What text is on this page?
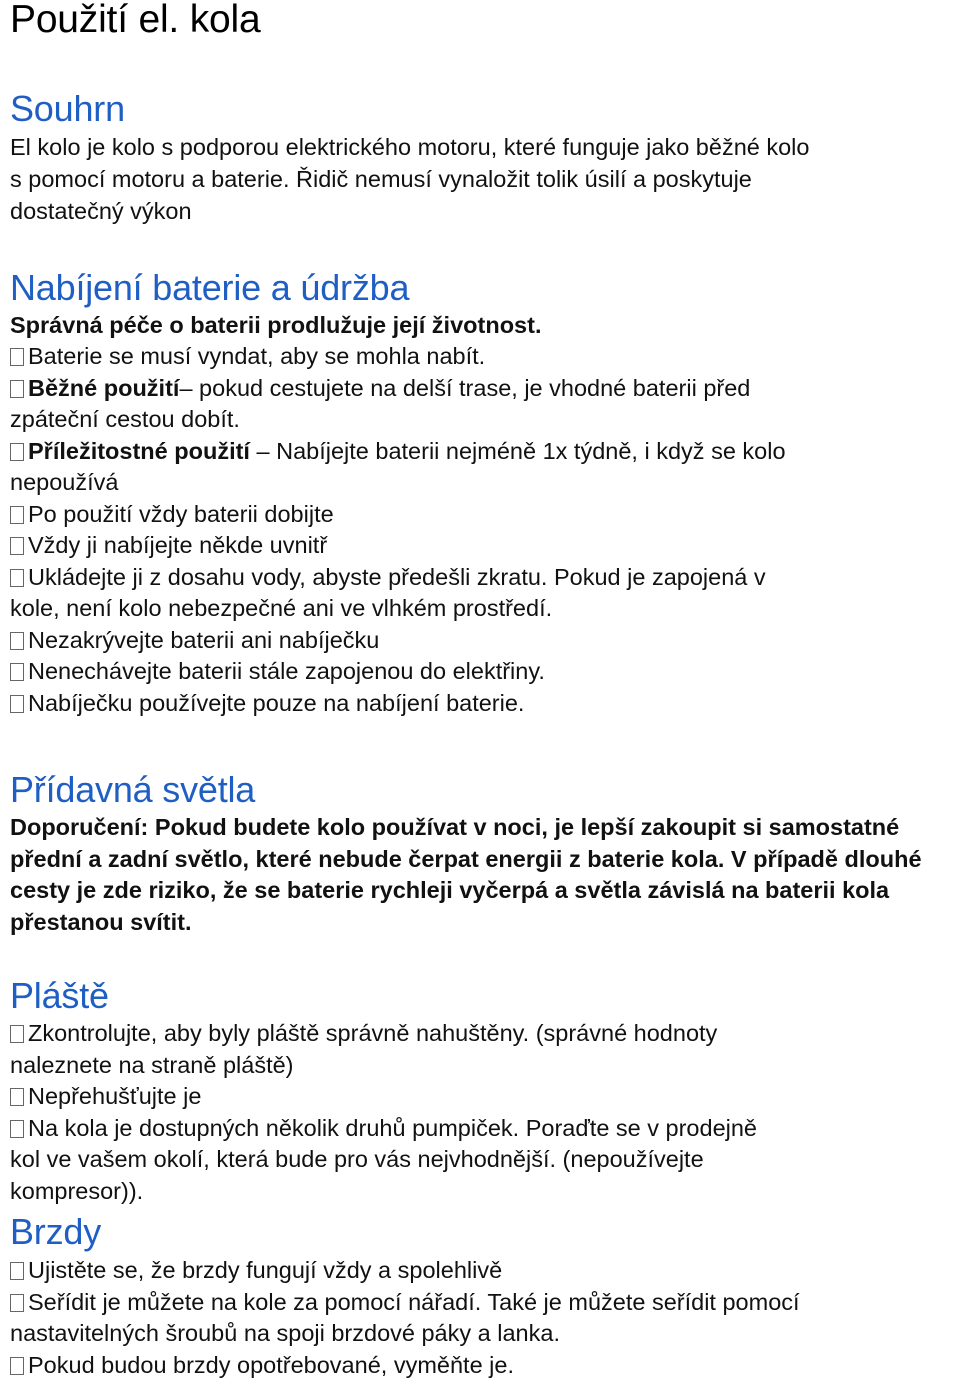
Použití el. kola
Souhrn
El kolo je kolo s podporou elektrického motoru, které funguje jako běžné kolo s pomocí motoru a baterie. Řidič nemusí vynaložit tolik úsilí a poskytuje dostatečný výkon
Nabíjení baterie a údržba
Správná péče o baterii prodlužuje její životnost.
Baterie se musí vyndat, aby se mohla nabít.
Běžné použití– pokud cestujete na delší trase, je vhodné baterii před zpáteční cestou dobít.
Příležitostné použití – Nabíjejte baterii nejméně 1x týdně, i když se kolo nepoužívá
Po použití vždy baterii dobijte
Vždy ji nabíjejte někde uvnitř
Ukládejte ji z dosahu vody, abyste předešli zkratu. Pokud je zapojená v kole, není kolo nebezpečné ani ve vlhkém prostředí.
Nezakrývejte baterii ani nabíječku
Nenechávejte baterii stále zapojenou do elektřiny.
Nabíječku používejte pouze na nabíjení baterie.
Přídavná světla
Doporučení: Pokud budete kolo používat v noci, je lepší zakoupit si samostatné přední a zadní světlo, které nebude čerpat energii z baterie kola. V případě dlouhé cesty je zde riziko, že se baterie rychleji vyčerpá a světla závislá na baterii kola přestanou svítit.
Pláště
Zkontrolujte, aby byly pláště správně nahuštěny. (správné hodnoty naleznete na straně pláště)
Nepřehušťujte je
Na kola je dostupných několik druhů pumpiček. Poraďte se v prodejně kol ve vašem okolí, která bude pro vás nejvhodnější. (nepoužívejte kompresor)).
Brzdy
Ujistěte se, že brzdy fungují vždy a spolehlivě
Seřídit je můžete na kole za pomocí nářadí. Také je můžete seřídit pomocí nastavitelných šroubů na spoji brzdové páky a lanka.
Pokud budou brzdy opotřebované, vyměňte je.
